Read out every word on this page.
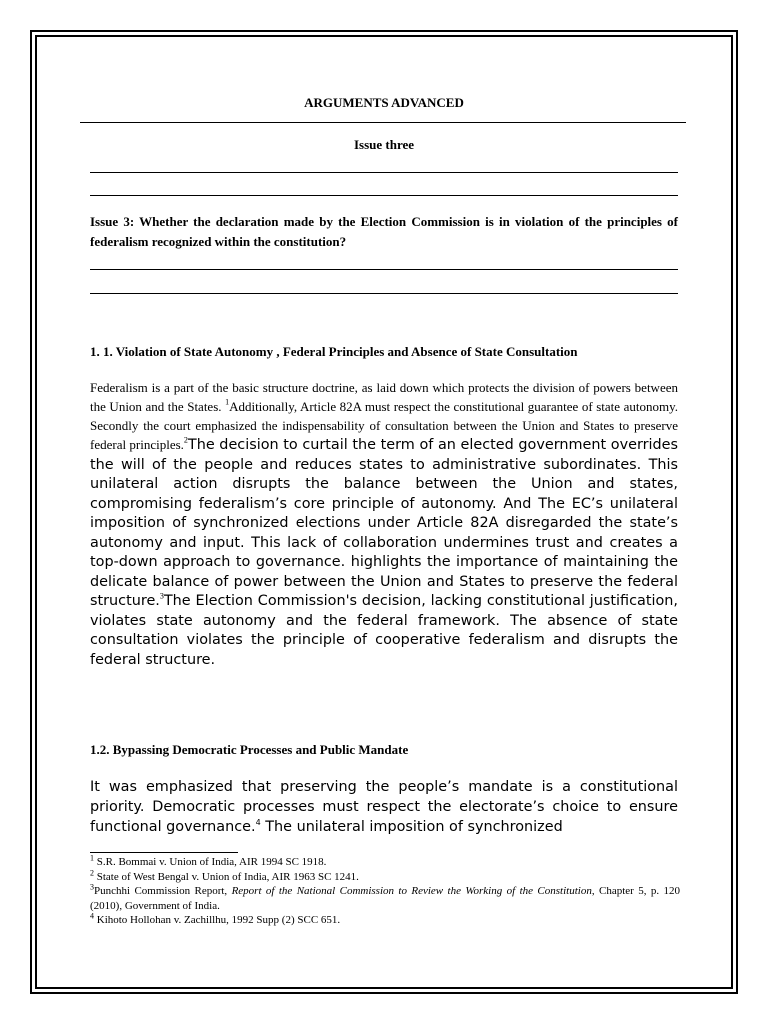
ARGUMENTS ADVANCED
Issue three
Issue 3: Whether the declaration made by the Election Commission is in violation of the principles of federalism recognized within the constitution?
1. 1. Violation of State Autonomy , Federal Principles and Absence of State Consultation
Federalism is a part of the basic structure doctrine, as laid down which protects the division of powers between the Union and the States. $^1$Additionally, Article 82A must respect the constitutional guarantee of state autonomy. Secondly the court emphasized the indispensability of consultation between the Union and States to preserve federal principles.$^2$The decision to curtail the term of an elected government overrides the will of the people and reduces states to administrative subordinates. This unilateral action disrupts the balance between the Union and states, compromising federalism’s core principle of autonomy. And The EC’s unilateral imposition of synchronized elections under Article 82A disregarded the state’s autonomy and input. This lack of collaboration undermines trust and creates a top-down approach to governance. highlights the importance of maintaining the delicate balance of power between the Union and States to preserve the federal structure.$^3$The Election Commission's decision, lacking constitutional justification, violates state autonomy and the federal framework. The absence of state consultation violates the principle of cooperative federalism and disrupts the federal structure.
1.2. Bypassing Democratic Processes and Public Mandate
It was emphasized that preserving the people’s mandate is a constitutional priority. Democratic processes must respect the electorate’s choice to ensure functional governance.$^4$ The unilateral imposition of synchronized
$^1$ S.R. Bommai v. Union of India, AIR 1994 SC 1918.
$^2$ State of West Bengal v. Union of India, AIR 1963 SC 1241.
$^3$Punchhi Commission Report, Report of the National Commission to Review the Working of the Constitution, Chapter 5, p. 120 (2010), Government of India.
$^4$ Kihoto Hollohan v. Zachillhu, 1992 Supp (2) SCC 651.
